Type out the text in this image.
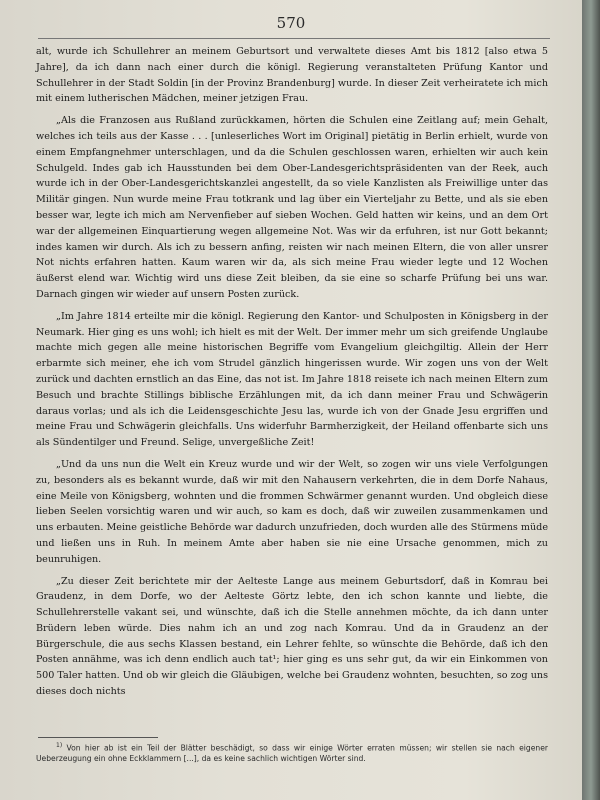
570

alt, wurde ich Schullehrer an meinem Geburtsort und verwaltete dieses Amt bis 1812 [also etwa 5 Jahre], da ich dann nach einer durch die königl. Regierung veranstalteten Prüfung Kantor und Schullehrer in der Stadt Soldin [in der Provinz Brandenburg] wurde. In dieser Zeit verheiratete ich mich mit einem lutherischen Mädchen, meiner jetzigen Frau.

„Als die Franzosen aus Rußland zurückkamen, hörten die Schulen eine Zeitlang auf; mein Gehalt, welches ich teils aus der Kasse . . . [unleserliches Wort im Original] pietätig in Berlin erhielt, wurde von einem Empfangnehmer unterschlagen, und da die Schulen geschlossen waren, erhielten wir auch kein Schulgeld. Indes gab ich Hausstunden bei dem Ober-Landesgerichtspräsidenten van der Reek, auch wurde ich in der Ober-Landesgerichtskanzlei angestellt, da so viele Kanzlisten als Freiwillige unter das Militär gingen. Nun wurde meine Frau totkrank und lag über ein Vierteljahr zu Bette, und als sie eben besser war, legte ich mich am Nervenfieber auf sieben Wochen. Geld hatten wir keins, und an dem Ort war der allgemeinen Einquartierung wegen allgemeine Not. Was wir da erfuhren, ist nur Gott bekannt; indes kamen wir durch. Als ich zu bessern anfing, reisten wir nach meinen Eltern, die von aller unsrer Not nichts erfahren hatten. Kaum waren wir da, als sich meine Frau wieder legte und 12 Wochen äußerst elend war. Wichtig wird uns diese Zeit bleiben, da sie eine so scharfe Prüfung bei uns war. Darnach gingen wir wieder auf unsern Posten zurück.

„Im Jahre 1814 erteilte mir die königl. Regierung den Kantor- und Schulposten in Königsberg in der Neumark. Hier ging es uns wohl; ich hielt es mit der Welt. Der immer mehr um sich greifende Unglaube machte mich gegen alle meine historischen Begriffe vom Evangelium gleichgiltig. Allein der Herr erbarmte sich meiner, ehe ich vom Strudel gänzlich hingerissen wurde. Wir zogen uns von der Welt zurück und dachten ernstlich an das Eine, das not ist. Im Jahre 1818 reisete ich nach meinen Eltern zum Besuch und brachte Stillings biblische Erzählungen mit, da ich dann meiner Frau und Schwägerin daraus vorlas; und als ich die Leidensgeschichte Jesu las, wurde ich von der Gnade Jesu ergriffen und meine Frau und Schwägerin gleichfalls. Uns widerfuhr Barmherzigkeit, der Heiland offenbarte sich uns als Sündentilger und Freund. Selige, unvergeßliche Zeit!

„Und da uns nun die Welt ein Kreuz wurde und wir der Welt, so zogen wir uns viele Verfolgungen zu, besonders als es bekannt wurde, daß wir mit den Nahausern verkehrten, die in dem Dorfe Nahaus, eine Meile von Königsberg, wohnten und die frommen Schwärmer genannt wurden. Und obgleich diese lieben Seelen vorsichtig waren und wir auch, so kam es doch, daß wir zuweilen zusammenkamen und uns erbauten. Meine geistliche Behörde war dadurch unzufrieden, doch wurden alle des Stürmens müde und ließen uns in Ruh. In meinem Amte aber haben sie nie eine Ursache genommen, mich zu beunruhigen.

„Zu dieser Zeit berichtete mir der Aelteste Lange aus meinem Geburtsdorf, daß in Komrau bei Graudenz, in dem Dorfe, wo der Aelteste Görtz lebte, den ich schon kannte und liebte, die Schullehrerstelle vakant sei, und wünschte, daß ich die Stelle annehmen möchte, da ich dann unter Brüdern leben würde. Dies nahm ich an und zog nach Komrau. Und da in Graudenz an der Bürgerschule, die aus sechs Klassen bestand, ein Lehrer fehlte, so wünschte die Behörde, daß ich den Posten annähme, was ich denn endlich auch tat¹; hier ging es uns sehr gut, da wir ein Einkommen von 500 Taler hatten. Und ob wir gleich die Gläubigen, welche bei Graudenz wohnten, besuchten, so zog uns dieses doch nichts

$^{1)}$ Von hier ab ist ein Teil der Blätter beschädigt, so dass wir einige Wörter erraten müssen; wir stellen sie nach eigener Ueberzeugung ein ohne Eckklammern [...], da es keine sachlich wichtigen Wörter sind.
